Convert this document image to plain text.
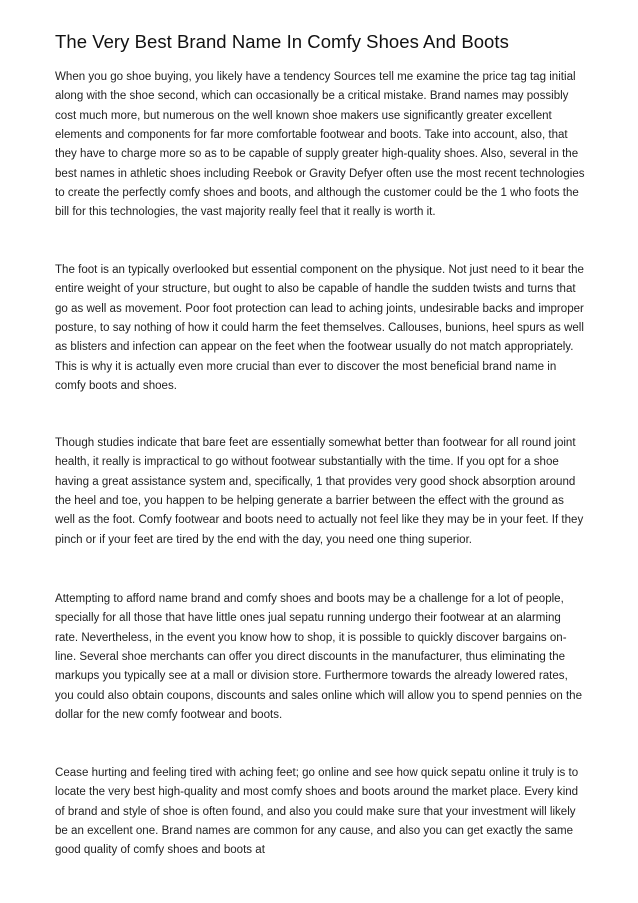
The Very Best Brand Name In Comfy Shoes And Boots

When you go shoe buying, you likely have a tendency Sources tell me examine the price tag tag initial along with the shoe second, which can occasionally be a critical mistake. Brand names may possibly cost much more, but numerous on the well known shoe makers use significantly greater excellent elements and components for far more comfortable footwear and boots. Take into account, also, that they have to charge more so as to be capable of supply greater high-quality shoes. Also, several in the best names in athletic shoes including Reebok or Gravity Defyer often use the most recent technologies to create the perfectly comfy shoes and boots, and although the customer could be the 1 who foots the bill for this technologies, the vast majority really feel that it really is worth it.

The foot is an typically overlooked but essential component on the physique. Not just need to it bear the entire weight of your structure, but ought to also be capable of handle the sudden twists and turns that go as well as movement. Poor foot protection can lead to aching joints, undesirable backs and improper posture, to say nothing of how it could harm the feet themselves. Callouses, bunions, heel spurs as well as blisters and infection can appear on the feet when the footwear usually do not match appropriately. This is why it is actually even more crucial than ever to discover the most beneficial brand name in comfy boots and shoes.

Though studies indicate that bare feet are essentially somewhat better than footwear for all round joint health, it really is impractical to go without footwear substantially with the time. If you opt for a shoe having a great assistance system and, specifically, 1 that provides very good shock absorption around the heel and toe, you happen to be helping generate a barrier between the effect with the ground as well as the foot. Comfy footwear and boots need to actually not feel like they may be in your feet. If they pinch or if your feet are tired by the end with the day, you need one thing superior.

Attempting to afford name brand and comfy shoes and boots may be a challenge for a lot of people, specially for all those that have little ones jual sepatu running undergo their footwear at an alarming rate. Nevertheless, in the event you know how to shop, it is possible to quickly discover bargains on-line. Several shoe merchants can offer you direct discounts in the manufacturer, thus eliminating the markups you typically see at a mall or division store. Furthermore towards the already lowered rates, you could also obtain coupons, discounts and sales online which will allow you to spend pennies on the dollar for the new comfy footwear and boots.

Cease hurting and feeling tired with aching feet; go online and see how quick sepatu online it truly is to locate the very best high-quality and most comfy shoes and boots around the market place. Every kind of brand and style of shoe is often found, and also you could make sure that your investment will likely be an excellent one. Brand names are common for any cause, and also you can get exactly the same good quality of comfy shoes and boots at
